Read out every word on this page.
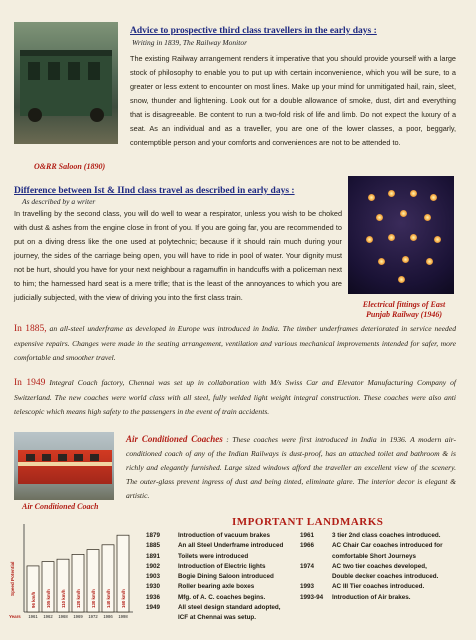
O&RR Saloon (1890)
Advice to prospective third class travellers in the early days :
Writing in 1839, The Railway Monitor
The existing Railway arrangement renders it imperative that you should provide yourself with a large stock of philosophy to enable you to put up with certain inconvenience, which you will be sure, to a greater or less extent to encounter on most lines. Make up your mind for unmitigated hail, rain, sleet, snow, thunder and lightening. Look out for a double allowance of smoke, dust, dirt and everything that is disagreeable. Be content to run a two-fold risk of life and limb. Do not expect the luxury of a seat. As an individual and as a traveller, you are one of the lower classes, a poor, beggarly, contemptible person and your comforts and conveniences are not to be attended to.
Difference between Ist & IInd class travel as described in early days :
As described by a writer
In travelling by the second class, you will do well to wear a respirator, unless you wish to be choked with dust & ashes from the engine close in front of you. If you are going far, you are recommended to put on a diving dress like the one used at polytechnic; because if it should rain much during your journey, the sides of the carriage being open, you will have to ride in pool of water. Your dignity must not be hurt, should you have for your next neighbour a ragamuffin in handcuffs with a policeman next to him; the harnessed hard seat is a mere trifle; that is the least of the annoyances to which you are judicially subjected, with the view of driving you into the first class train.
Electrical fittings of East Punjab Railway (1946)
In 1885, an all-steel underframe as developed in Europe was introduced in India. The timber underframes deteriorated in service needed expensive repairs. Changes were made in the seating arrangement, ventilation and various mechanical improvements intended for safer, more comfortable and smoother travel.
In 1949 Integral Coach factory, Chennai was set up in collaboration with M/s Swiss Car and Elevator Manufacturing Company of Switzerland. The new coaches were world class with all steel, fully welded light weight integral construction. These coaches were also anti telescopic which means high safety to the passengers in the event of train accidents.
Air Conditioned Coach
Air Conditioned Coaches : These coaches were first introduced in India in 1936. A modern air-conditioned coach of any of the Indian Railways is dust-proof, has an attached toilet and bathroom & is richly and elegantly furnished. Large sized windows afford the traveller an excellent view of the scenery. The outer-glass prevent ingress of dust and being tinted, eliminate glare. The interior decor is elegant & artistic.
Speed Potential
96 km/h
1961
105 km/h
1962
110 km/h
1968
120 km/h
1969
130 km/h
1972
140 km/h
1986
160 km/h
1998
Years
IMPORTANT LANDMARKS
1879	Introduction of vacuum brakes
1885	An all Steel Underframe introduced
1891	Toilets were introduced
1902	Introduction of Electric lights
1903	Bogie Dining Saloon introduced
1930	Roller bearing axle boxes
1936	Mfg. of A. C. coaches begins.
1949	All steel design standard adopted,
ICF at Chennai was setup.
1961	3 tier 2nd class coaches introduced.
1966	AC Chair Car coaches introduced for
comfortable Short Journeys
1974	AC two tier coaches developed,
Double decker coaches introduced.
1993	AC III Tier coaches introduced.
1993-94	Introduction of Air brakes.
